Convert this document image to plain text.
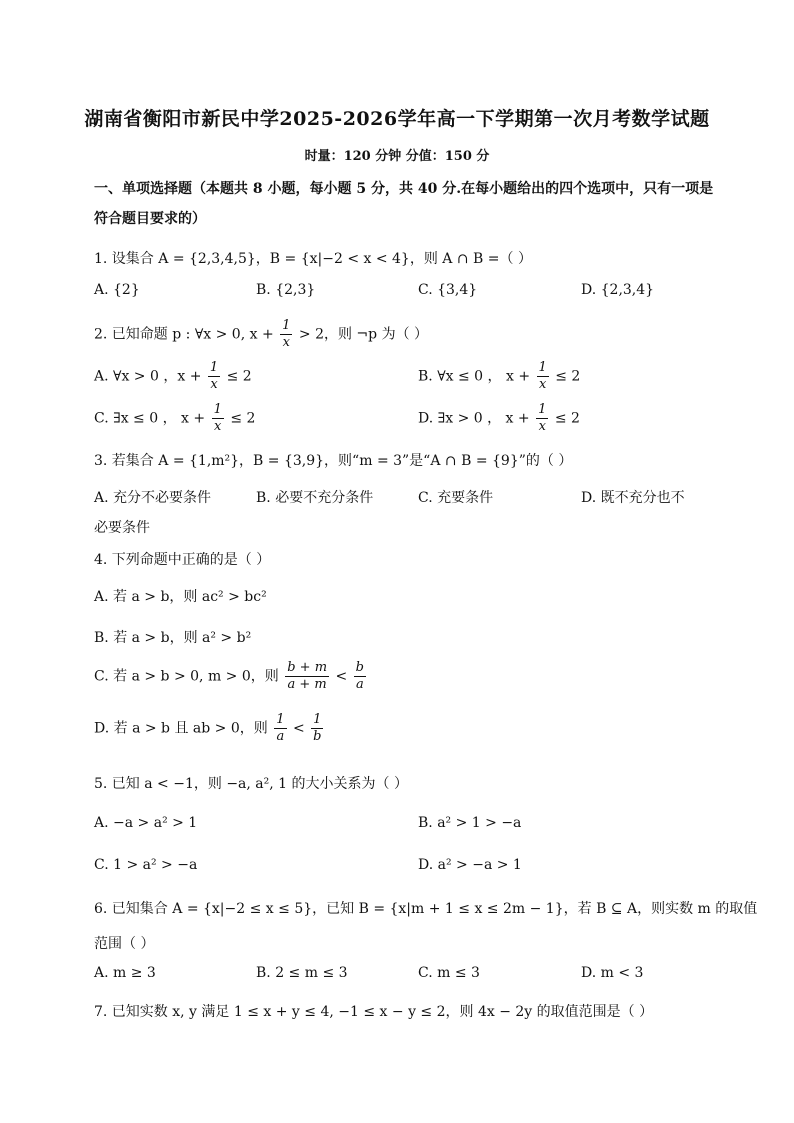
湖南省衡阳市新民中学2025-2026学年高一下学期第一次月考数学试题
时量：120 分钟 分值：150 分
一、单项选择题（本题共 8 小题，每小题 5 分，共 40 分.在每小题给出的四个选项中，只有一项是
符合题目要求的）
1. 设集合 A = {2,3,4,5}，B = {x|−2 < x < 4}，则 A ∩ B =（ ）
A. {2}	B. {2,3}	C. {3,4}	D. {2,3,4}
2. 已知命题 p : ∀x > 0, $x + \frac{1}{x} > 2$，则 ¬p 为（ ）
A. ∀x > 0 ，$x + \frac{1}{x} \le 2$	B. ∀x ≤ 0 ， $x + \frac{1}{x} \le 2$
C. ∃x ≤ 0 ， $x + \frac{1}{x} \le 2$	D. ∃x > 0 ， $x + \frac{1}{x} \le 2$
3. 若集合 A = {1,m²}，B = {3,9}，则“m = 3”是“A ∩ B = {9}”的（ ）
A. 充分不必要条件	B. 必要不充分条件	C. 充要条件	D. 既不充分也不
必要条件
4. 下列命题中正确的是（ ）
A. 若 a > b，则 ac² > bc²
B. 若 a > b，则 a² > b²
C. 若 a > b > 0, m > 0，则 $\frac{b + m}{a + m} < \frac{b}{a}$
D. 若 a > b 且 ab > 0，则 $\frac{1}{a} < \frac{1}{b}$
5. 已知 a < −1，则 −a, a², 1 的大小关系为（ ）
A. −a > a² > 1	B. a² > 1 > −a
C. 1 > a² > −a	D. a² > −a > 1
6. 已知集合 A = {x|−2 ≤ x ≤ 5}，已知 B = {x|m + 1 ≤ x ≤ 2m − 1}，若 B ⊆ A，则实数 m 的取值
范围（ ）
A. m ≥ 3	B. 2 ≤ m ≤ 3	C. m ≤ 3	D. m < 3
7. 已知实数 x, y 满足 1 ≤ x + y ≤ 4, −1 ≤ x − y ≤ 2，则 4x − 2y 的取值范围是（ ）
